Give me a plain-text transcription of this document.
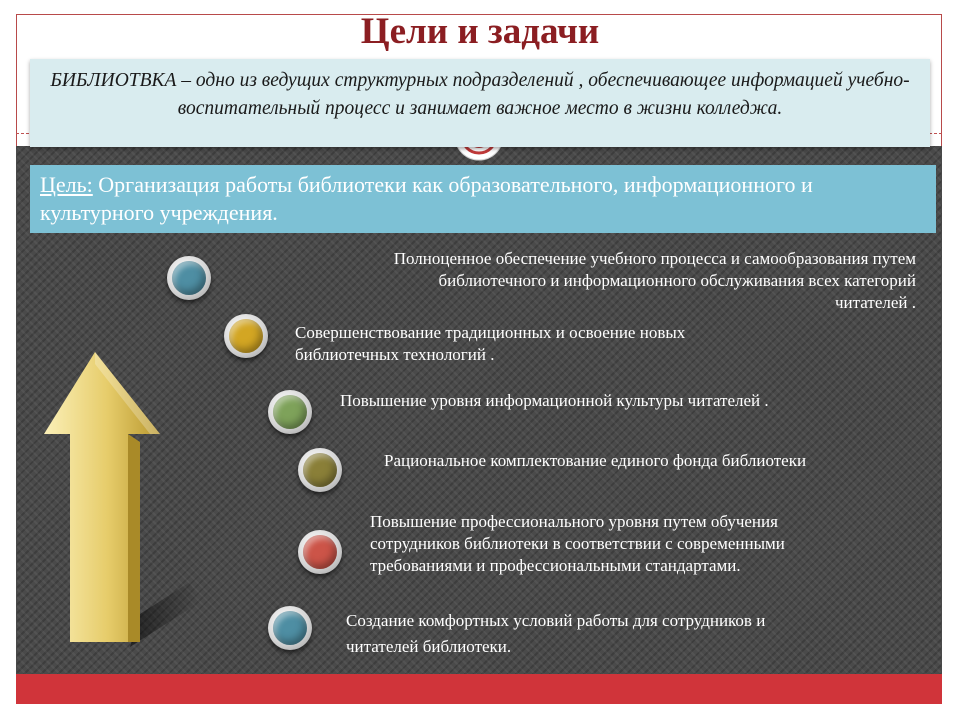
Цели и задачи
БИБЛИОТВКА – одно из ведущих структурных подразделений , обеспечивающее информацией учебно-воспитательный процесс и занимает важное место в жизни колледжа.
Цель: Организация работы библиотеки как образовательного, информационного и культурного учреждения.
Полноценное обеспечение учебного процесса и самообразования путем
библиотечного и информационного обслуживания всех категорий
читателей .
Совершенствование традиционных и освоение новых
библиотечных технологий .
Повышение уровня информационной культуры читателей .
Рациональное комплектование единого фонда библиотеки
Повышение профессионального уровня путем обучения
сотрудников библиотеки в соответствии с современными
требованиями и профессиональными стандартами.
Создание комфортных условий работы для сотрудников и
читателей библиотеки.
